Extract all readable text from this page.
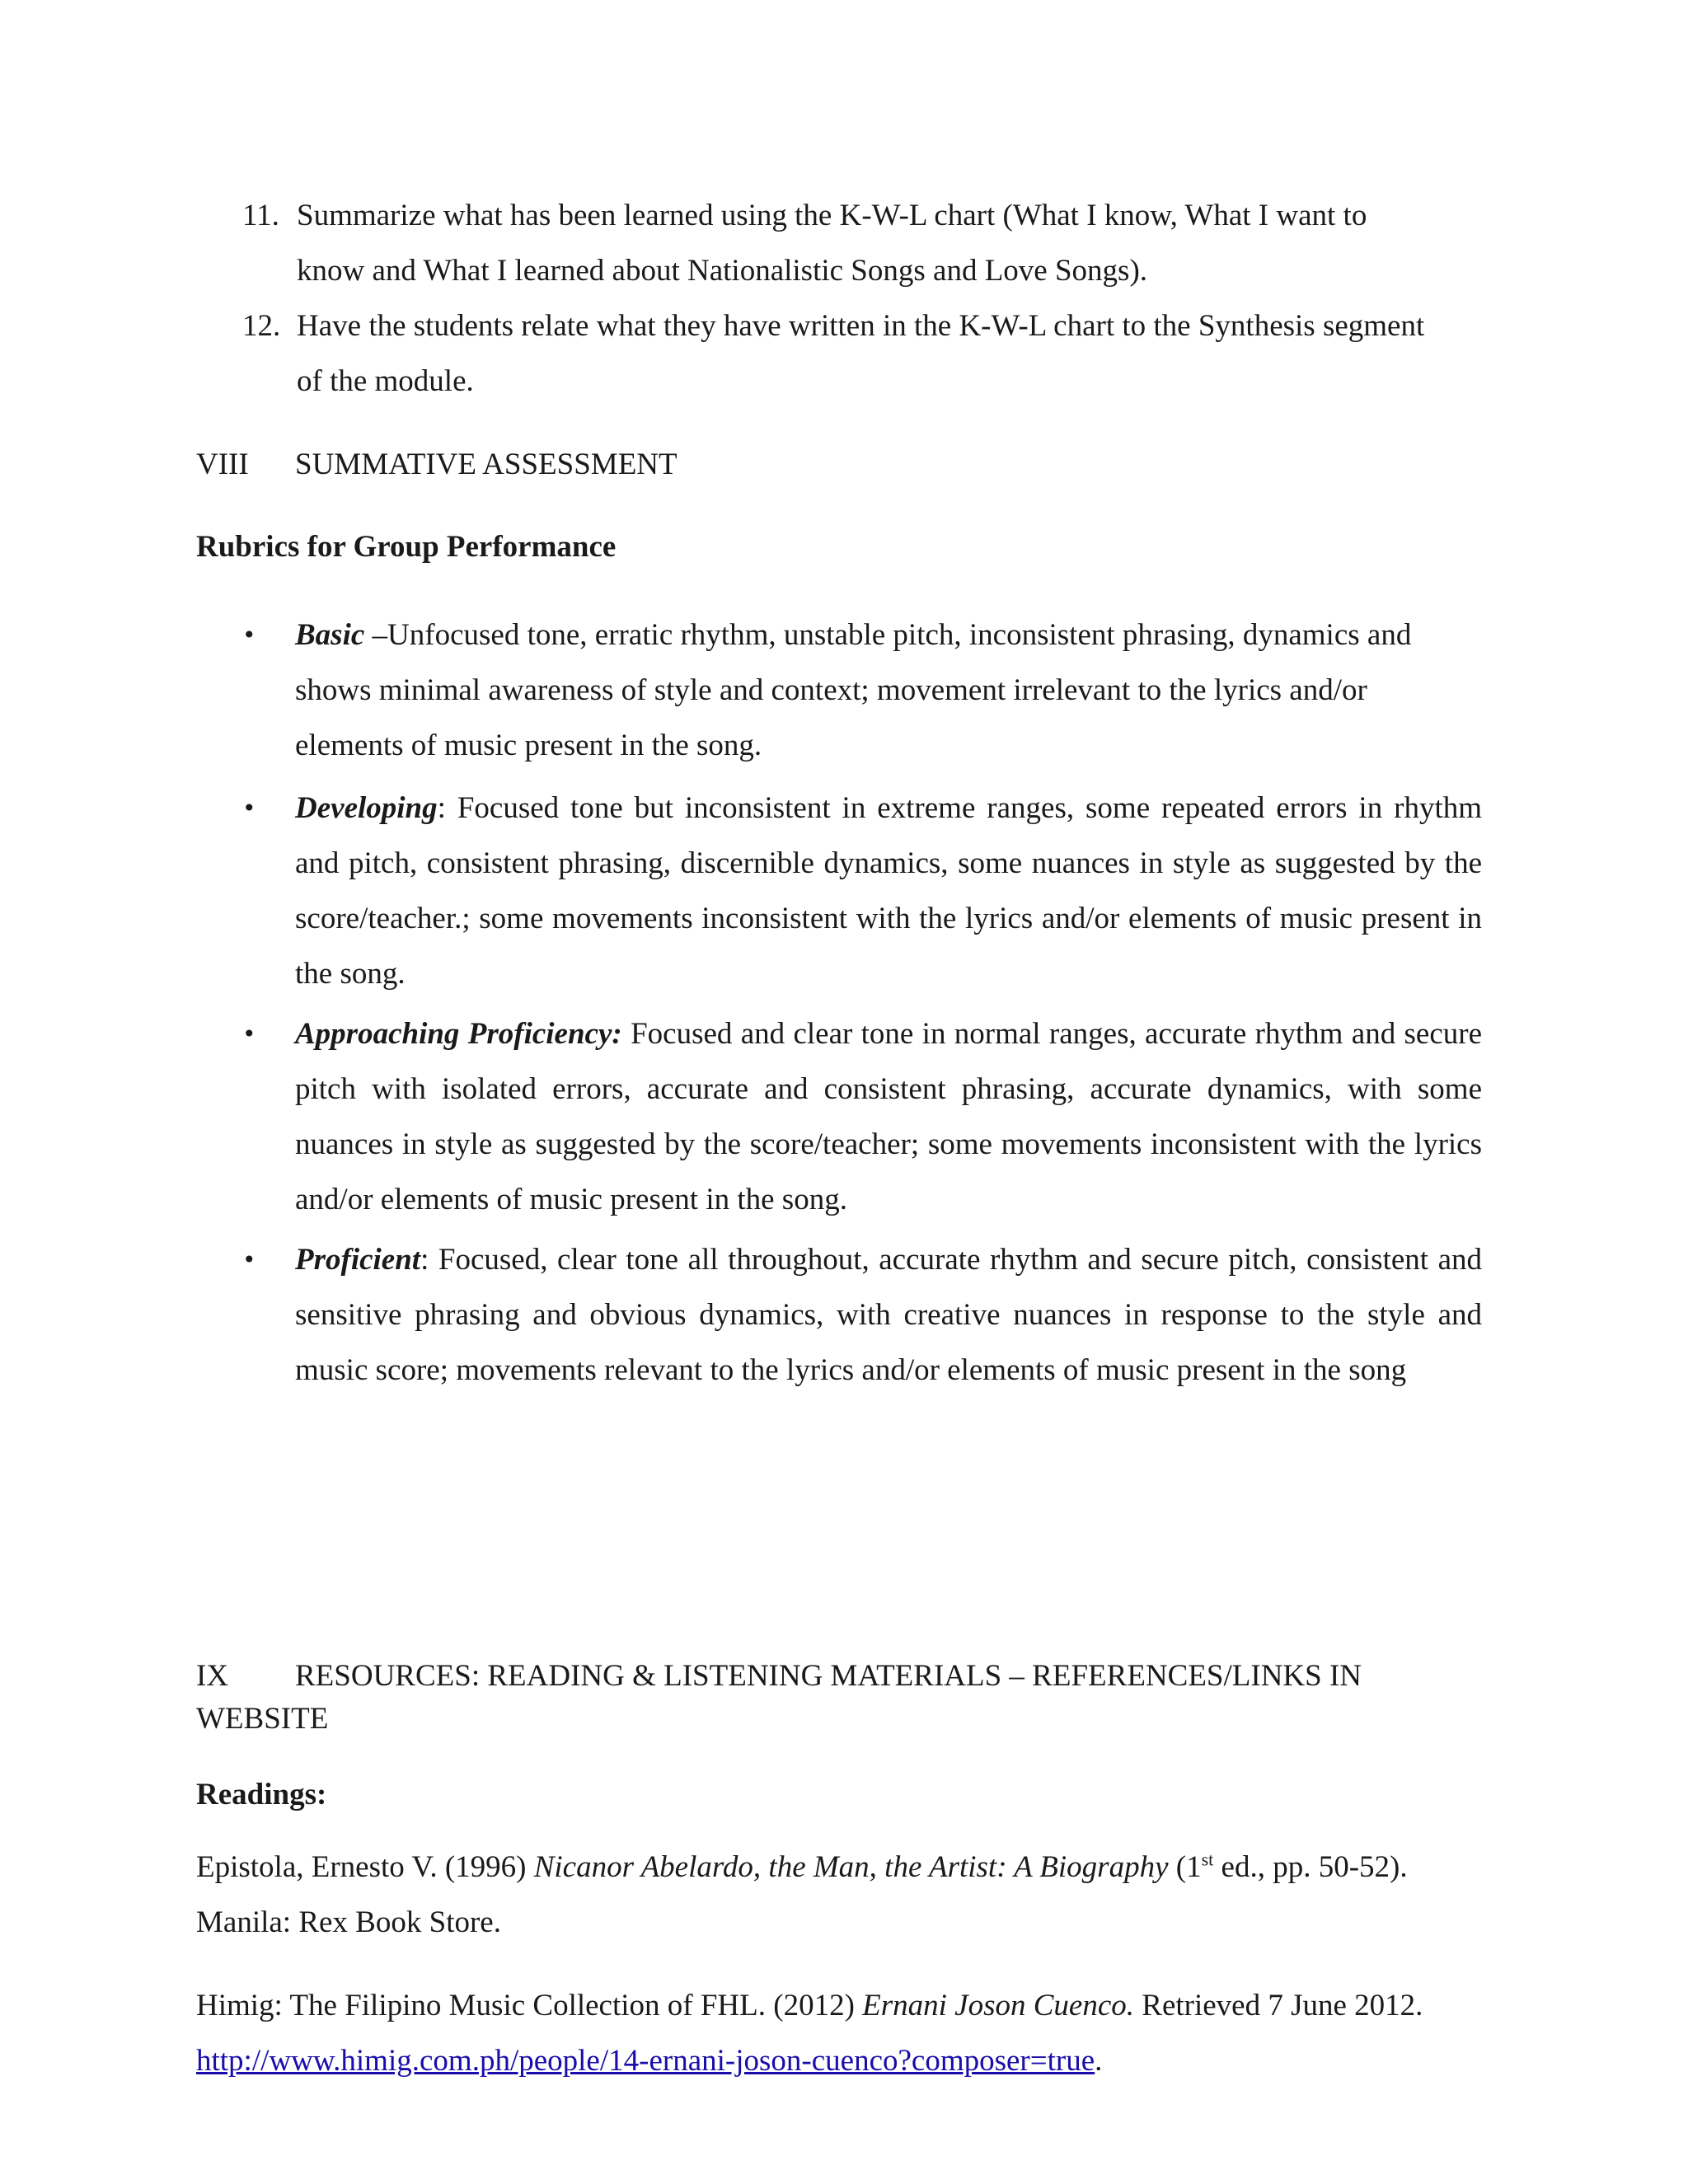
11. Summarize what has been learned using the K-W-L chart (What I know, What I want to
know and What I learned about Nationalistic Songs and Love Songs).
12. Have the students relate what they have written in the K-W-L chart to the Synthesis segment
of the module.
VIII SUMMATIVE ASSESSMENT
Rubrics for Group Performance
• Basic –Unfocused tone, erratic rhythm, unstable pitch, inconsistent phrasing, dynamics and shows minimal awareness of style and context; movement irrelevant to the lyrics and/or elements of music present in the song.
• Developing: Focused tone but inconsistent in extreme ranges, some repeated errors in rhythm and pitch, consistent phrasing, discernible dynamics, some nuances in style as suggested by the score/teacher.; some movements inconsistent with the lyrics and/or elements of music present in the song.
• Approaching Proficiency: Focused and clear tone in normal ranges, accurate rhythm and secure pitch with isolated errors, accurate and consistent phrasing, accurate dynamics, with some nuances in style as suggested by the score/teacher; some movements inconsistent with the lyrics and/or elements of music present in the song.
• Proficient: Focused, clear tone all throughout, accurate rhythm and secure pitch, consistent and sensitive phrasing and obvious dynamics, with creative nuances in response to the style and music score; movements relevant to the lyrics and/or elements of music present in the song
IX	RESOURCES: READING & LISTENING MATERIALS – REFERENCES/LINKS IN WEBSITE
Readings:
Epistola, Ernesto V. (1996) Nicanor Abelardo, the Man, the Artist: A Biography (1st ed., pp. 50-52).
Manila: Rex Book Store.
Himig: The Filipino Music Collection of FHL. (2012) Ernani Joson Cuenco. Retrieved 7 June 2012.
http://www.himig.com.ph/people/14-ernani-joson-cuenco?composer=true.
